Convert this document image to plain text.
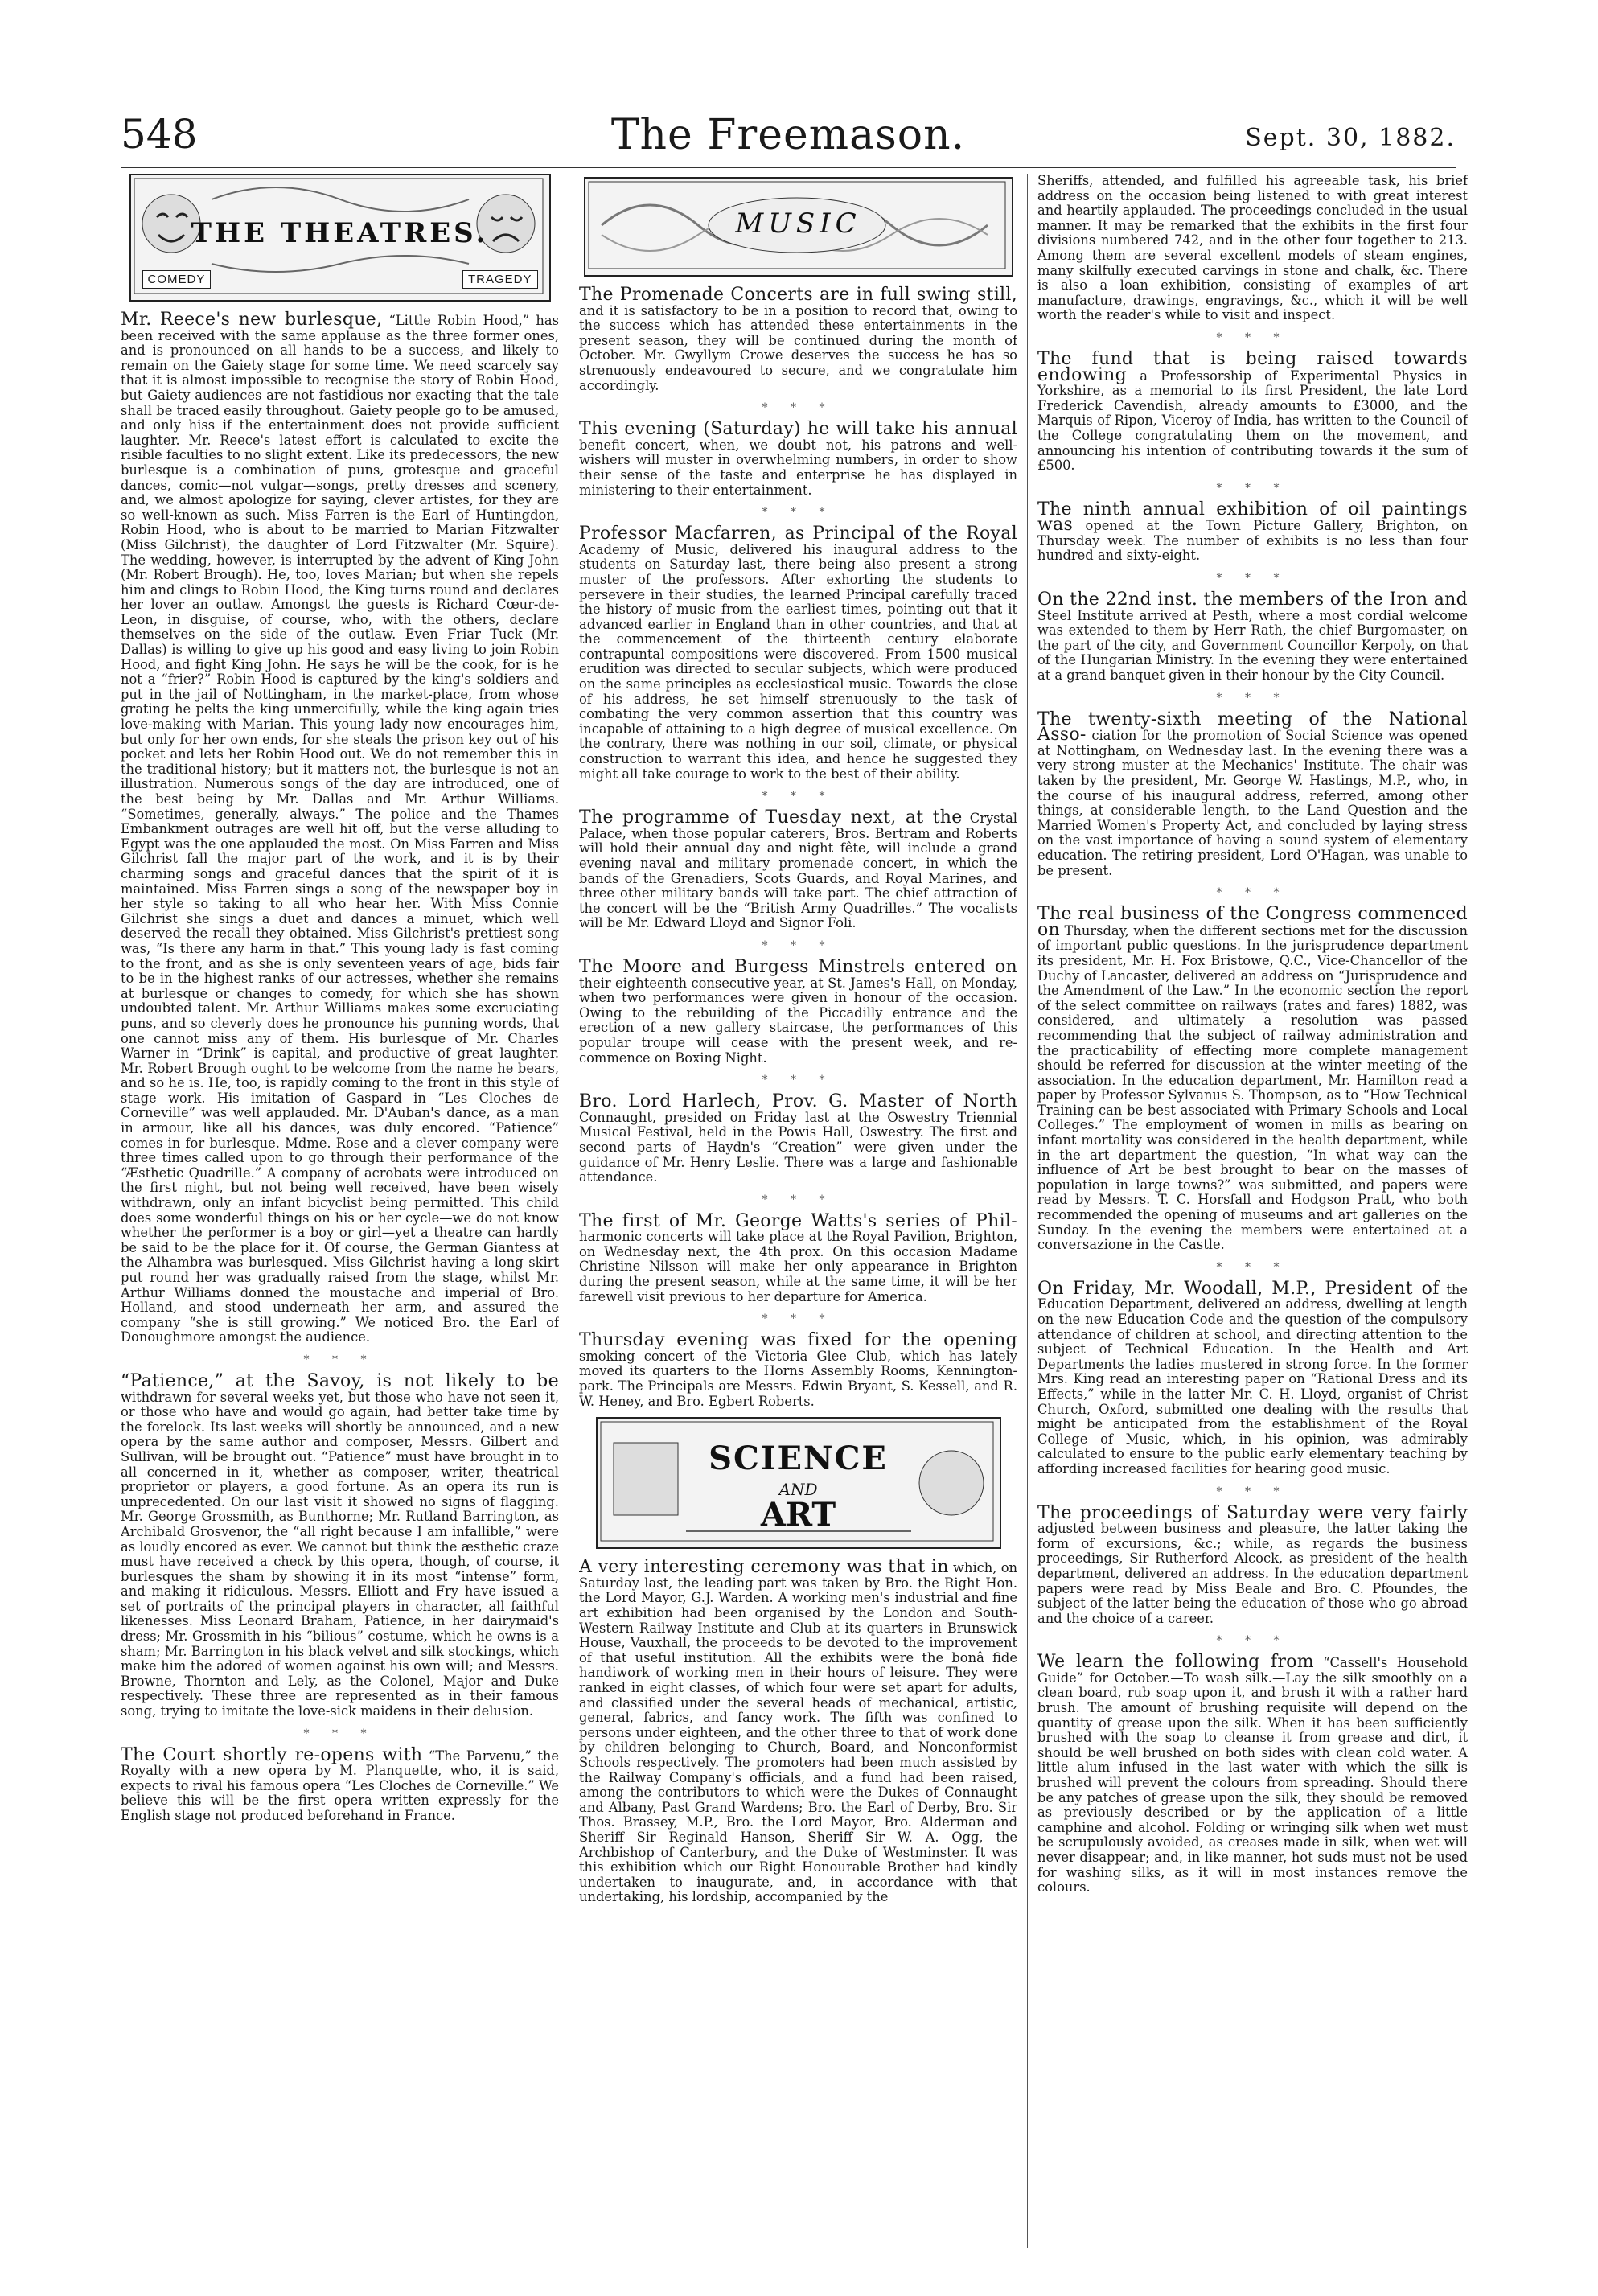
548	The Freemason.	Sept. 30, 1882.
THE THEATRES.
COMEDY	TRAGEDY

Mr. Reece's new burlesque, “Little Robin Hood,” has been received with the same applause as the three former ones, and is pronounced on all hands to be a success, and likely to remain on the Gaiety stage for some time. We need scarcely say that it is almost impossible to recognise the story of Robin Hood, but Gaiety audiences are not fastidious nor exacting that the tale shall be traced easily throughout. Gaiety people go to be amused, and only hiss if the entertainment does not provide sufficient laughter. Mr. Reece's latest effort is calculated to excite the risible faculties to no slight extent. Like its predecessors, the new burlesque is a combination of puns, grotesque and graceful dances, comic—not vulgar—songs, pretty dresses and scenery, and, we almost apologize for saying, clever artistes, for they are so well-known as such. Miss Farren is the Earl of Huntingdon, Robin Hood, who is about to be married to Marian Fitzwalter (Miss Gilchrist), the daughter of Lord Fitzwalter (Mr. Squire). The wedding, however, is interrupted by the advent of King John (Mr. Robert Brough). He, too, loves Marian; but when she repels him and clings to Robin Hood, the King turns round and declares her lover an outlaw. Amongst the guests is Richard Cœur-de-Leon, in disguise, of course, who, with the others, declare themselves on the side of the outlaw. Even Friar Tuck (Mr. Dallas) is willing to give up his good and easy living to join Robin Hood, and fight King John. He says he will be the cook, for is he not a “frier?” Robin Hood is captured by the king's soldiers and put in the jail of Nottingham, in the market-place, from whose grating he pelts the king unmercifully, while the king again tries love-making with Marian. This young lady now encourages him, but only for her own ends, for she steals the prison key out of his pocket and lets her Robin Hood out. We do not remember this in the traditional history; but it matters not, the burlesque is not an illustration. Numerous songs of the day are introduced, one of the best being by Mr. Dallas and Mr. Arthur Williams. “Sometimes, generally, always.” The police and the Thames Embankment outrages are well hit off, but the verse alluding to Egypt was the one applauded the most. On Miss Farren and Miss Gilchrist fall the major part of the work, and it is by their charming songs and graceful dances that the spirit of it is maintained. Miss Farren sings a song of the newspaper boy in her style so taking to all who hear her. With Miss Connie Gilchrist she sings a duet and dances a minuet, which well deserved the recall they obtained. Miss Gilchrist's prettiest song was, “Is there any harm in that.” This young lady is fast coming to the front, and as she is only seventeen years of age, bids fair to be in the highest ranks of our actresses, whether she remains at burlesque or changes to comedy, for which she has shown undoubted talent. Mr. Arthur Williams makes some excruciating puns, and so cleverly does he pronounce his punning words, that one cannot miss any of them. His burlesque of Mr. Charles Warner in “Drink” is capital, and productive of great laughter. Mr. Robert Brough ought to be welcome from the name he bears, and so he is. He, too, is rapidly coming to the front in this style of stage work. His imitation of Gaspard in “Les Cloches de Corneville” was well applauded. Mr. D'Auban's dance, as a man in armour, like all his dances, was duly encored. “Patience” comes in for burlesque. Mdme. Rose and a clever company were three times called upon to go through their performance of the “Æsthetic Quadrille.” A company of acrobats were introduced on the first night, but not being well received, have been wisely withdrawn, only an infant bicyclist being permitted. This child does some wonderful things on his or her cycle—we do not know whether the performer is a boy or girl—yet a theatre can hardly be said to be the place for it. Of course, the German Giantess at the Alhambra was burlesqued. Miss Gilchrist having a long skirt put round her was gradually raised from the stage, whilst Mr. Arthur Williams donned the moustache and imperial of Bro. Holland, and stood underneath her arm, and assured the company “she is still growing.” We noticed Bro. the Earl of Donoughmore amongst the audience.

* * *

“Patience,” at the Savoy, is not likely to be withdrawn for several weeks yet, but those who have not seen it, or those who have and would go again, had better take time by the forelock. Its last weeks will shortly be announced, and a new opera by the same author and composer, Messrs. Gilbert and Sullivan, will be brought out. “Patience” must have brought in to all concerned in it, whether as composer, writer, theatrical proprietor or players, a good fortune. As an opera its run is unprecedented. On our last visit it showed no signs of flagging. Mr. George Grossmith, as Bunthorne; Mr. Rutland Barrington, as Archibald Grosvenor, the “all right because I am infallible,” were as loudly encored as ever. We cannot but think the æsthetic craze must have received a check by this opera, though, of course, it burlesques the sham by showing it in its most “intense” form, and making it ridiculous. Messrs. Elliott and Fry have issued a set of portraits of the principal players in character, all faithful likenesses. Miss Leonard Braham, Patience, in her dairymaid's dress; Mr. Grossmith in his “bilious” costume, which he owns is a sham; Mr. Barrington in his black velvet and silk stockings, which make him the adored of women against his own will; and Messrs. Browne, Thornton and Lely, as the Colonel, Major and Duke respectively. These three are represented as in their famous song, trying to imitate the love-sick maidens in their delusion.

* * *

The Court shortly re-opens with “The Parvenu,” the Royalty with a new opera by M. Planquette, who, it is said, expects to rival his famous opera “Les Cloches de Corneville.” We believe this will be the first opera written expressly for the English stage not produced beforehand in France.

MUSIC

The Promenade Concerts are in full swing still, and it is satisfactory to be in a position to record that, owing to the success which has attended these entertainments in the present season, they will be continued during the month of October. Mr. Gwyllym Crowe deserves the success he has so strenuously endeavoured to secure, and we congratulate him accordingly.

* * *

This evening (Saturday) he will take his annual benefit concert, when, we doubt not, his patrons and well-wishers will muster in overwhelming numbers, in order to show their sense of the taste and enterprise he has displayed in ministering to their entertainment.

* * *

Professor Macfarren, as Principal of the Royal Academy of Music, delivered his inaugural address to the students on Saturday last, there being also present a strong muster of the professors. After exhorting the students to persevere in their studies, the learned Principal carefully traced the history of music from the earliest times, pointing out that it advanced earlier in England than in other countries, and that at the commencement of the thirteenth century elaborate contrapuntal compositions were discovered. From 1500 musical erudition was directed to secular subjects, which were produced on the same principles as ecclesiastical music. Towards the close of his address, he set himself strenuously to the task of combating the very common assertion that this country was incapable of attaining to a high degree of musical excellence. On the contrary, there was nothing in our soil, climate, or physical construction to warrant this idea, and hence he suggested they might all take courage to work to the best of their ability.

* * *

The programme of Tuesday next, at the Crystal Palace, when those popular caterers, Bros. Bertram and Roberts will hold their annual day and night fête, will include a grand evening naval and military promenade concert, in which the bands of the Grenadiers, Scots Guards, and Royal Marines, and three other military bands will take part. The chief attraction of the concert will be the “British Army Quadrilles.” The vocalists will be Mr. Edward Lloyd and Signor Foli.

* * *

The Moore and Burgess Minstrels entered on their eighteenth consecutive year, at St. James's Hall, on Monday, when two performances were given in honour of the occasion. Owing to the rebuilding of the Piccadilly entrance and the erection of a new gallery staircase, the performances of this popular troupe will cease with the present week, and re-commence on Boxing Night.

* * *

Bro. Lord Harlech, Prov. G. Master of North Connaught, presided on Friday last at the Oswestry Triennial Musical Festival, held in the Powis Hall, Oswestry. The first and second parts of Haydn's “Creation” were given under the guidance of Mr. Henry Leslie. There was a large and fashionable attendance.

* * *

The first of Mr. George Watts's series of Phil- harmonic concerts will take place at the Royal Pavilion, Brighton, on Wednesday next, the 4th prox. On this occasion Madame Christine Nilsson will make her only appearance in Brighton during the present season, while at the same time, it will be her farewell visit previous to her departure for America.

* * *

Thursday evening was fixed for the opening smoking concert of the Victoria Glee Club, which has lately moved its quarters to the Horns Assembly Rooms, Kennington-park. The Principals are Messrs. Edwin Bryant, S. Kessell, and R. W. Heney, and Bro. Egbert Roberts.

SCIENCE
AND
ART

A very interesting ceremony was that in which, on Saturday last, the leading part was taken by Bro. the Right Hon. the Lord Mayor, G.J. Warden. A working men's industrial and fine art exhibition had been organised by the London and South-Western Railway Institute and Club at its quarters in Brunswick House, Vauxhall, the proceeds to be devoted to the improvement of that useful institution. All the exhibits were the bonâ fide handiwork of working men in their hours of leisure. They were ranked in eight classes, of which four were set apart for adults, and classified under the several heads of mechanical, artistic, general, fabrics, and fancy work. The fifth was confined to persons under eighteen, and the other three to that of work done by children belonging to Church, Board, and Nonconformist Schools respectively. The promoters had been much assisted by the Railway Company's officials, and a fund had been raised, among the contributors to which were the Dukes of Connaught and Albany, Past Grand Wardens; Bro. the Earl of Derby, Bro. Sir Thos. Brassey, M.P., Bro. the Lord Mayor, Bro. Alderman and Sheriff Sir Reginald Hanson, Sheriff Sir W. A. Ogg, the Archbishop of Canterbury, and the Duke of Westminster. It was this exhibition which our Right Honourable Brother had kindly undertaken to inaugurate, and, in accordance with that undertaking, his lordship, accompanied by the

Sheriffs, attended, and fulfilled his agreeable task, his brief address on the occasion being listened to with great interest and heartily applauded. The proceedings concluded in the usual manner. It may be remarked that the exhibits in the first four divisions numbered 742, and in the other four together to 213. Among them are several excellent models of steam engines, many skilfully executed carvings in stone and chalk, &c. There is also a loan exhibition, consisting of examples of art manufacture, drawings, engravings, &c., which it will be well worth the reader's while to visit and inspect.

* * *

The fund that is being raised towards endowing a Professorship of Experimental Physics in Yorkshire, as a memorial to its first President, the late Lord Frederick Cavendish, already amounts to £3000, and the Marquis of Ripon, Viceroy of India, has written to the Council of the College congratulating them on the movement, and announcing his intention of contributing towards it the sum of £500.

* * *

The ninth annual exhibition of oil paintings was opened at the Town Picture Gallery, Brighton, on Thursday week. The number of exhibits is no less than four hundred and sixty-eight.

* * *

On the 22nd inst. the members of the Iron and Steel Institute arrived at Pesth, where a most cordial welcome was extended to them by Herr Rath, the chief Burgomaster, on the part of the city, and Government Councillor Kerpoly, on that of the Hungarian Ministry. In the evening they were entertained at a grand banquet given in their honour by the City Council.

* * *

The twenty-sixth meeting of the National Asso- ciation for the promotion of Social Science was opened at Nottingham, on Wednesday last. In the evening there was a very strong muster at the Mechanics' Institute. The chair was taken by the president, Mr. George W. Hastings, M.P., who, in the course of his inaugural address, referred, among other things, at considerable length, to the Land Question and the Married Women's Property Act, and concluded by laying stress on the vast importance of having a sound system of elementary education. The retiring president, Lord O'Hagan, was unable to be present.

* * *

The real business of the Congress commenced on Thursday, when the different sections met for the discussion of important public questions. In the jurisprudence department its president, Mr. H. Fox Bristowe, Q.C., Vice-Chancellor of the Duchy of Lancaster, delivered an address on “Jurisprudence and the Amendment of the Law.” In the economic section the report of the select committee on railways (rates and fares) 1882, was considered, and ultimately a resolution was passed recommending that the subject of railway administration and the practicability of effecting more complete management should be referred for discussion at the winter meeting of the association. In the education department, Mr. Hamilton read a paper by Professor Sylvanus S. Thompson, as to “How Technical Training can be best associated with Primary Schools and Local Colleges.” The employment of women in mills as bearing on infant mortality was considered in the health department, while in the art department the question, “In what way can the influence of Art be best brought to bear on the masses of population in large towns?” was submitted, and papers were read by Messrs. T. C. Horsfall and Hodgson Pratt, who both recommended the opening of museums and art galleries on the Sunday. In the evening the members were entertained at a conversazione in the Castle.

* * *

On Friday, Mr. Woodall, M.P., President of the Education Department, delivered an address, dwelling at length on the new Education Code and the question of the compulsory attendance of children at school, and directing attention to the subject of Technical Education. In the Health and Art Departments the ladies mustered in strong force. In the former Mrs. King read an interesting paper on “Rational Dress and its Effects,” while in the latter Mr. C. H. Lloyd, organist of Christ Church, Oxford, submitted one dealing with the results that might be anticipated from the establishment of the Royal College of Music, which, in his opinion, was admirably calculated to ensure to the public early elementary teaching by affording increased facilities for hearing good music.

* * *

The proceedings of Saturday were very fairly adjusted between business and pleasure, the latter taking the form of excursions, &c.; while, as regards the business proceedings, Sir Rutherford Alcock, as president of the health department, delivered an address. In the education department papers were read by Miss Beale and Bro. C. Pfoundes, the subject of the latter being the education of those who go abroad and the choice of a career.

* * *

We learn the following from “Cassell's Household Guide” for October.—To wash silk.—Lay the silk smoothly on a clean board, rub soap upon it, and brush it with a rather hard brush. The amount of brushing requisite will depend on the quantity of grease upon the silk. When it has been sufficiently brushed with the soap to cleanse it from grease and dirt, it should be well brushed on both sides with clean cold water. A little alum infused in the last water with which the silk is brushed will prevent the colours from spreading. Should there be any patches of grease upon the silk, they should be removed as previously described or by the application of a little camphine and alcohol. Folding or wringing silk when wet must be scrupulously avoided, as creases made in silk, when wet will never disappear; and, in like manner, hot suds must not be used for washing silks, as it will in most instances remove the colours.
